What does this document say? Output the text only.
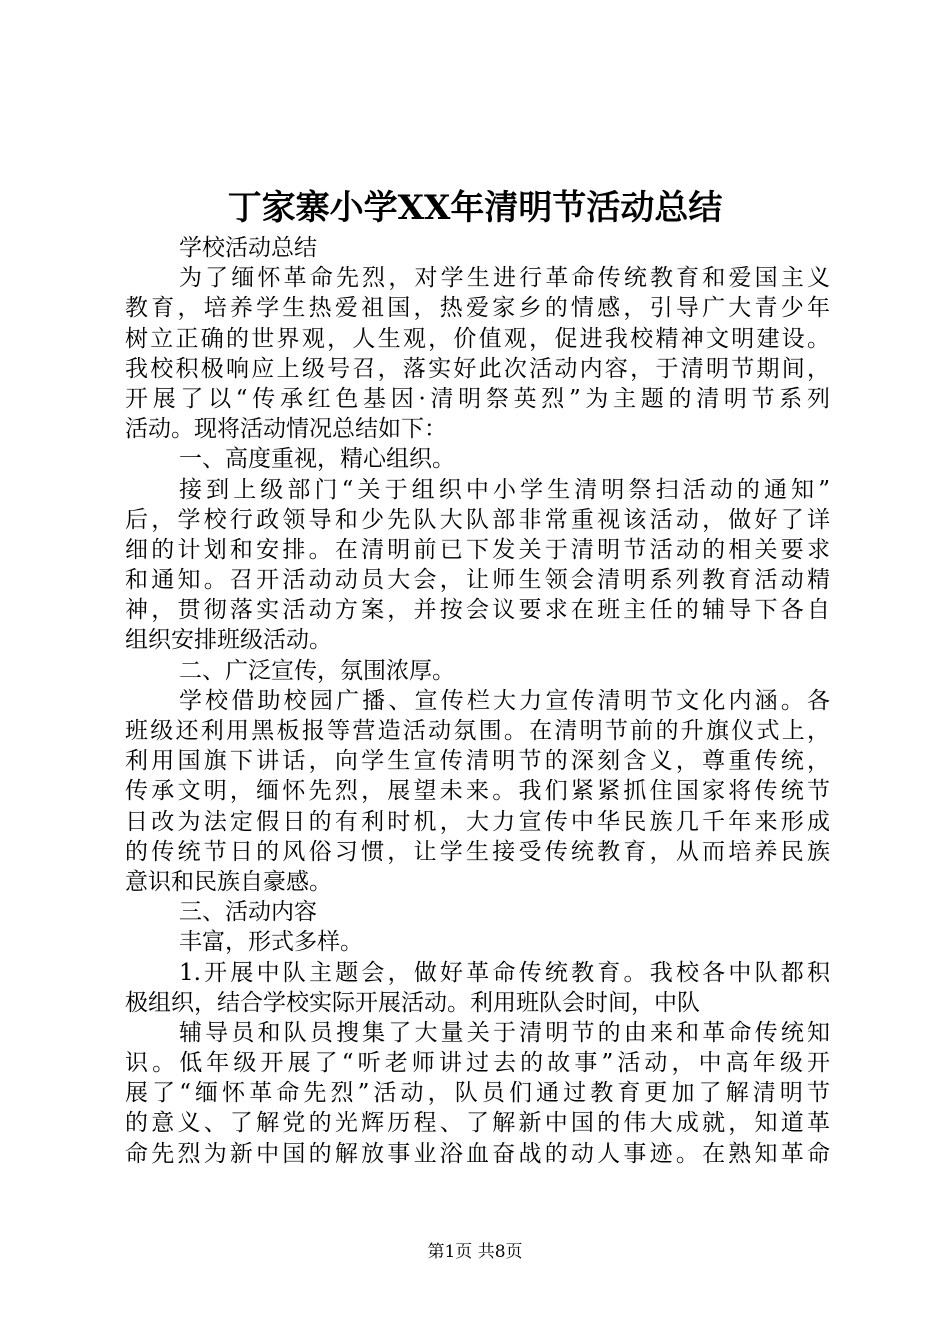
丁家寨小学XX年清明节活动总结
学校活动总结
为了缅怀革命先烈，对学生进行革命传统教育和爱国主义
教育，培养学生热爱祖国，热爱家乡的情感，引导广大青少年
树立正确的世界观，人生观，价值观，促进我校精神文明建设。
我校积极响应上级号召，落实好此次活动内容，于清明节期间，
开展了以“传承红色基因·清明祭英烈”为主题的清明节系列
活动。现将活动情况总结如下：
一、高度重视，精心组织。
接到上级部门“关于组织中小学生清明祭扫活动的通知”
后，学校行政领导和少先队大队部非常重视该活动，做好了详
细的计划和安排。在清明前已下发关于清明节活动的相关要求
和通知。召开活动动员大会，让师生领会清明系列教育活动精
神，贯彻落实活动方案，并按会议要求在班主任的辅导下各自
组织安排班级活动。
二、广泛宣传，氛围浓厚。
学校借助校园广播、宣传栏大力宣传清明节文化内涵。各
班级还利用黑板报等营造活动氛围。在清明节前的升旗仪式上，
利用国旗下讲话，向学生宣传清明节的深刻含义，尊重传统，
传承文明，缅怀先烈，展望未来。我们紧紧抓住国家将传统节
日改为法定假日的有利时机，大力宣传中华民族几千年来形成
的传统节日的风俗习惯，让学生接受传统教育，从而培养民族
意识和民族自豪感。
三、活动内容
丰富，形式多样。
1.开展中队主题会，做好革命传统教育。我校各中队都积
极组织，结合学校实际开展活动。利用班队会时间，中队
辅导员和队员搜集了大量关于清明节的由来和革命传统知
识。低年级开展了“听老师讲过去的故事”活动，中高年级开
展了“缅怀革命先烈”活动，队员们通过教育更加了解清明节
的意义、了解党的光辉历程、了解新中国的伟大成就，知道革
命先烈为新中国的解放事业浴血奋战的动人事迹。在熟知革命
第1页 共8页
